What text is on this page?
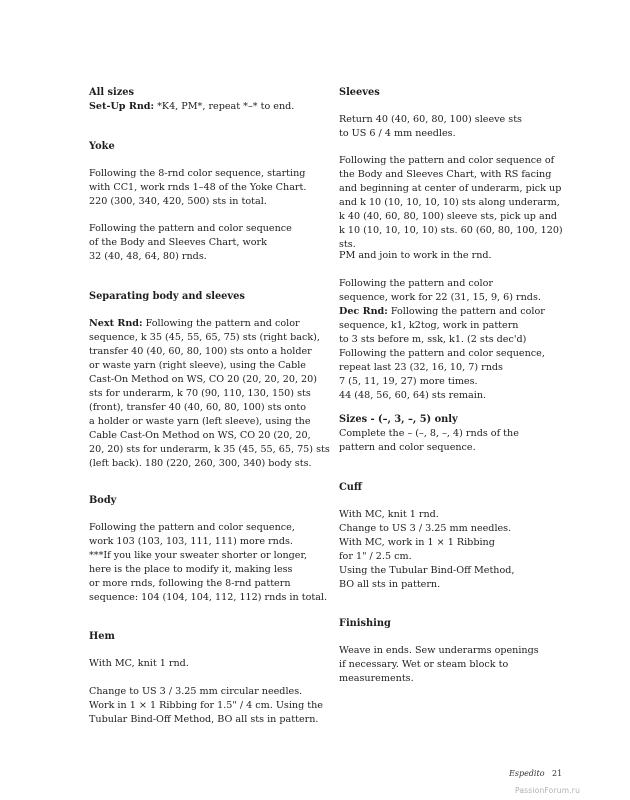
All sizes

Set-Up Rnd: *K4, PM*, repeat *–* to end.

Yoke

Following the 8-rnd color sequence, starting
with CC1, work rnds 1–48 of the Yoke Chart.
220 (300, 340, 420, 500) sts in total.

Following the pattern and color sequence
of the Body and Sleeves Chart, work
32 (40, 48, 64, 80) rnds.

Separating body and sleeves

Next Rnd: Following the pattern and color
sequence, k 35 (45, 55, 65, 75) sts (right back),
transfer 40 (40, 60, 80, 100) sts onto a holder
or waste yarn (right sleeve), using the Cable
Cast-On Method on WS, CO 20 (20, 20, 20, 20)
sts for underarm, k 70 (90, 110, 130, 150) sts
(front), transfer 40 (40, 60, 80, 100) sts onto
a holder or waste yarn (left sleeve), using the
Cable Cast-On Method on WS, CO 20 (20, 20,
20, 20) sts for underarm, k 35 (45, 55, 65, 75) sts
(left back). 180 (220, 260, 300, 340) body sts.

Body

Following the pattern and color sequence,
work 103 (103, 103, 111, 111) more rnds.
***If you like your sweater shorter or longer,
here is the place to modify it, making less
or more rnds, following the 8-rnd pattern
sequence: 104 (104, 104, 112, 112) rnds in total.

Hem

With MC, knit 1 rnd.

Change to US 3 / 3.25 mm circular needles.
Work in 1 × 1 Ribbing for 1.5" / 4 cm. Using the
Tubular Bind-Off Method, BO all sts in pattern.

Sleeves

Return 40 (40, 60, 80, 100) sleeve sts
to US 6 / 4 mm needles.

Following the pattern and color sequence of
the Body and Sleeves Chart, with RS facing
and beginning at center of underarm, pick up
and k 10 (10, 10, 10, 10) sts along underarm,
k 40 (40, 60, 80, 100) sleeve sts, pick up and
k 10 (10, 10, 10, 10) sts. 60 (60, 80, 100, 120) sts.

PM and join to work in the rnd.

Following the pattern and color
sequence, work for 22 (31, 15, 9, 6) rnds.

Dec Rnd: Following the pattern and color
sequence, k1, k2tog, work in pattern
to 3 sts before m, ssk, k1. (2 sts dec'd)
Following the pattern and color sequence,
repeat last 23 (32, 16, 10, 7) rnds
7 (5, 11, 19, 27) more times.
44 (48, 56, 60, 64) sts remain.

Sizes - (–, 3, –, 5) only

Complete the – (–, 8, –, 4) rnds of the
pattern and color sequence.

Cuff

With MC, knit 1 rnd.
Change to US 3 / 3.25 mm needles.
With MC, work in 1 × 1 Ribbing
for 1" / 2.5 cm.
Using the Tubular Bind-Off Method,
BO all sts in pattern.

Finishing

Weave in ends. Sew underarms openings
if necessary. Wet or steam block to
measurements.

Espedito 21
PassionForum.ru
